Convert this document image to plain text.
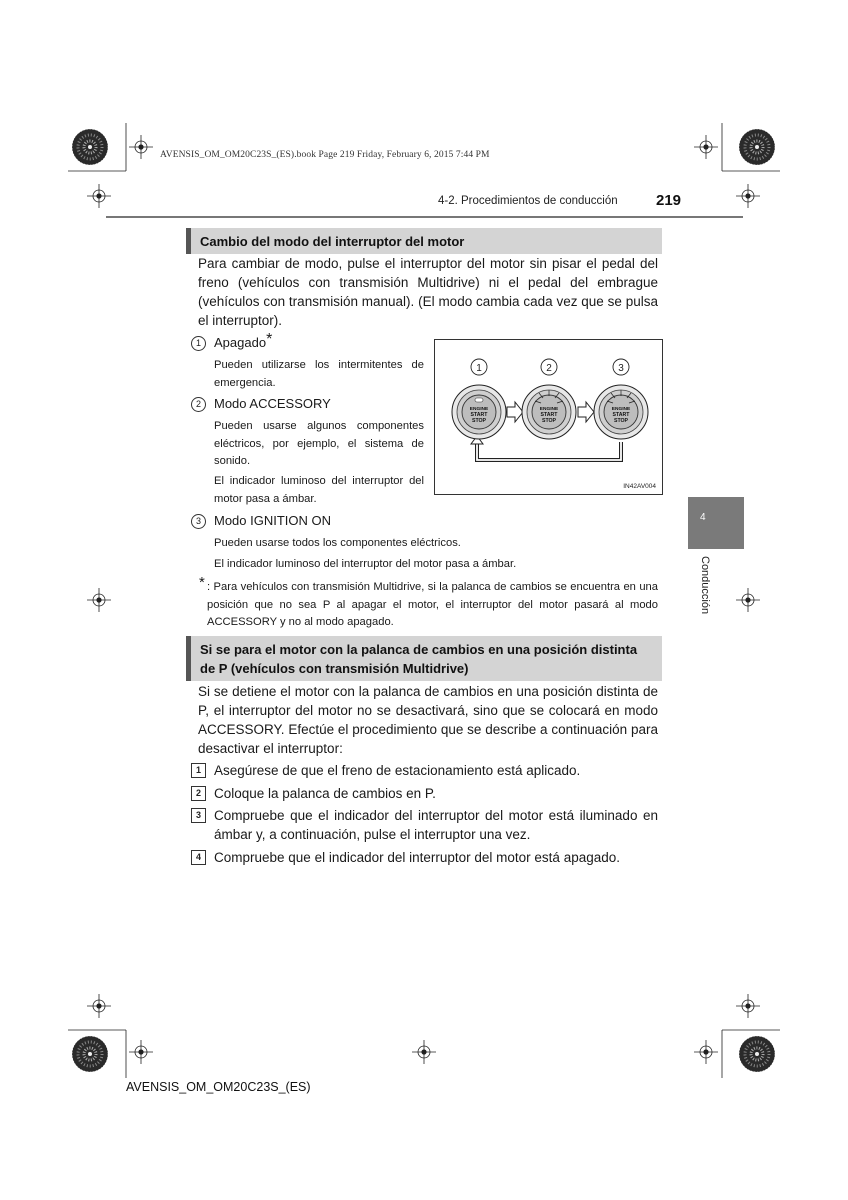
AVENSIS_OM_OM20C23S_(ES).book Page 219 Friday, February 6, 2015 7:44 PM
4-2. Procedimientos de conducción	219
4
Conducción
Cambio del modo del interruptor del motor
Para cambiar de modo, pulse el interruptor del motor sin pisar el pedal del freno (vehículos con transmisión Multidrive) ni el pedal del embrague (vehículos con transmisión manual). (El modo cambia cada vez que se pulsa el interruptor).
1	Apagado*
Pueden utilizarse los intermitentes de emergencia.
2	Modo ACCESSORY
Pueden usarse algunos componentes eléctricos, por ejemplo, el sistema de sonido.
El indicador luminoso del interruptor del motor pasa a ámbar.
1	2	3
ENGINE
START
STOP
ENGINE
START
STOP
ENGINE
START
STOP
IN42AV004
3	Modo IGNITION ON
Pueden usarse todos los componentes eléctricos.
El indicador luminoso del interruptor del motor pasa a ámbar.
* : Para vehículos con transmisión Multidrive, si la palanca de cambios se encuentra en una posición que no sea P al apagar el motor, el interruptor del motor pasará al modo ACCESSORY y no al modo apagado.
Si se para el motor con la palanca de cambios en una posición distinta de P (vehículos con transmisión Multidrive)
Si se detiene el motor con la palanca de cambios en una posición distinta de P, el interruptor del motor no se desactivará, sino que se colocará en modo ACCESSORY. Efectúe el procedimiento que se describe a continuación para desactivar el interruptor:
1 Asegúrese de que el freno de estacionamiento está aplicado.
2 Coloque la palanca de cambios en P.
3 Compruebe que el indicador del interruptor del motor está iluminado en ámbar y, a continuación, pulse el interruptor una vez.
4 Compruebe que el indicador del interruptor del motor está apagado.
AVENSIS_OM_OM20C23S_(ES)
